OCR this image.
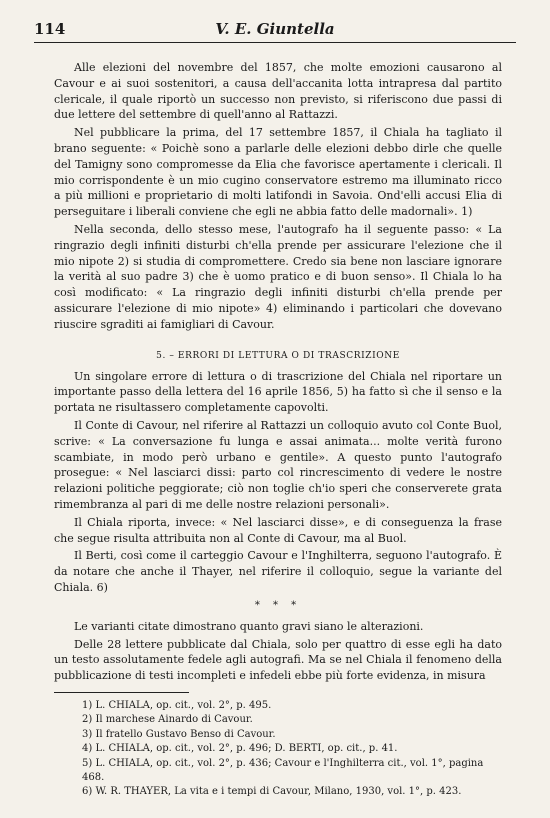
114	V. E. Giuntella

Alle elezioni del novembre del 1857, che molte emozioni causarono al Cavour e ai suoi sostenitori, a causa dell'accanita lotta intrapresa dal partito clericale, il quale riportò un successo non previsto, si riferiscono due passi di due lettere del settembre di quell'anno al Rattazzi.

Nel pubblicare la prima, del 17 settembre 1857, il Chiala ha tagliato il brano seguente: « Poichè sono a parlarle delle elezioni debbo dirle che quelle del Tamigny sono compromesse da Elia che favorisce apertamente i clericali. Il mio corrispondente è un mio cugino conservatore estremo ma illuminato ricco a più millioni e proprietario di molti latifondi in Savoia. Ond'elli accusi Elia di perseguitare i liberali conviene che egli ne abbia fatto delle madornali». 1)

Nella seconda, dello stesso mese, l'autografo ha il seguente passo: « La ringrazio degli infiniti disturbi ch'ella prende per assicurare l'elezione che il mio nipote 2) si studia di compromettere. Credo sia bene non lasciare ignorare la verità al suo padre 3) che è uomo pratico e di buon senso». Il Chiala lo ha così modificato: « La ringrazio degli infiniti disturbi ch'ella prende per assicurare l'elezione di mio nipote» 4) eliminando i particolari che dovevano riuscire sgraditi ai famigliari di Cavour.

5. – ERRORI DI LETTURA O DI TRASCRIZIONE

Un singolare errore di lettura o di trascrizione del Chiala nel riportare un importante passo della lettera del 16 aprile 1856, 5) ha fatto sì che il senso e la portata ne risultassero completamente capovolti.

Il Conte di Cavour, nel riferire al Rattazzi un colloquio avuto col Conte Buol, scrive: « La conversazione fu lunga e assai animata... molte verità furono scambiate, in modo però urbano e gentile». A questo punto l'autografo prosegue: « Nel lasciarci dissi: parto col rincrescimento di vedere le nostre relazioni politiche peggiorate; ciò non toglie ch'io speri che conserverete grata rimembranza al pari di me delle nostre relazioni personali».

Il Chiala riporta, invece: « Nel lasciarci disse», e di conseguenza la frase che segue risulta attribuita non al Conte di Cavour, ma al Buol.

Il Berti, così come il carteggio Cavour e l'Inghilterra, seguono l'autografo. È da notare che anche il Thayer, nel riferire il colloquio, segue la variante del Chiala. 6)

* * *

Le varianti citate dimostrano quanto gravi siano le alterazioni.

Delle 28 lettere pubblicate dal Chiala, solo per quattro di esse egli ha dato un testo assolutamente fedele agli autografi. Ma se nel Chiala il fenomeno della pubblicazione di testi incompleti e infedeli ebbe più forte evidenza, in misura

1) L. CHIALA, op. cit., vol. 2°, p. 495.

2) Il marchese Ainardo di Cavour.

3) Il fratello Gustavo Benso di Cavour.

4) L. CHIALA, op. cit., vol. 2°, p. 496; D. BERTI, op. cit., p. 41.

5) L. CHIALA, op. cit., vol. 2°, p. 436; Cavour e l'Inghilterra cit., vol. 1°, pagina 468.

6) W. R. THAYER, La vita e i tempi di Cavour, Milano, 1930, vol. 1°, p. 423.
